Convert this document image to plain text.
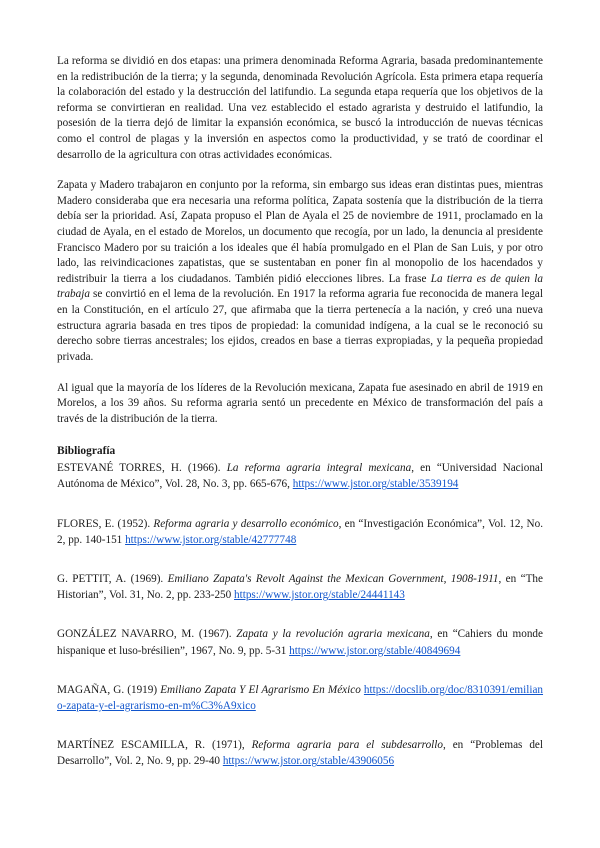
La reforma se dividió en dos etapas: una primera denominada Reforma Agraria, basada predominantemente en la redistribución de la tierra; y la segunda, denominada Revolución Agrícola. Esta primera etapa requería la colaboración del estado y la destrucción del latifundio. La segunda etapa requería que los objetivos de la reforma se convirtieran en realidad. Una vez establecido el estado agrarista y destruido el latifundio, la posesión de la tierra dejó de limitar la expansión económica, se buscó la introducción de nuevas técnicas como el control de plagas y la inversión en aspectos como la productividad, y se trató de coordinar el desarrollo de la agricultura con otras actividades económicas.

Zapata y Madero trabajaron en conjunto por la reforma, sin embargo sus ideas eran distintas pues, mientras Madero consideraba que era necesaria una reforma política, Zapata sostenía que la distribución de la tierra debía ser la prioridad. Así, Zapata propuso el Plan de Ayala el 25 de noviembre de 1911, proclamado en la ciudad de Ayala, en el estado de Morelos, un documento que recogía, por un lado, la denuncia al presidente Francisco Madero por su traición a los ideales que él había promulgado en el Plan de San Luis, y por otro lado, las reivindicaciones zapatistas, que se sustentaban en poner fin al monopolio de los hacendados y redistribuir la tierra a los ciudadanos. También pidió elecciones libres. La frase La tierra es de quien la trabaja se convirtió en el lema de la revolución. En 1917 la reforma agraria fue reconocida de manera legal en la Constitución, en el artículo 27, que afirmaba que la tierra pertenecía a la nación, y creó una nueva estructura agraria basada en tres tipos de propiedad: la comunidad indígena, a la cual se le reconoció su derecho sobre tierras ancestrales; los ejidos, creados en base a tierras expropiadas, y la pequeña propiedad privada.

Al igual que la mayoría de los líderes de la Revolución mexicana, Zapata fue asesinado en abril de 1919 en Morelos, a los 39 años. Su reforma agraria sentó un precedente en México de transformación del país a través de la distribución de la tierra.

Bibliografía
ESTEVANÉ TORRES, H. (1966). La reforma agraria integral mexicana, en “Universidad Nacional Autónoma de México”, Vol. 28, No. 3, pp. 665-676, https://www.jstor.org/stable/3539194
FLORES, E. (1952). Reforma agraria y desarrollo económico, en “Investigación Económica”, Vol. 12, No. 2, pp. 140-151 https://www.jstor.org/stable/42777748
G. PETTIT, A. (1969). Emiliano Zapata's Revolt Against the Mexican Government, 1908-1911, en “The Historian”, Vol. 31, No. 2, pp. 233-250 https://www.jstor.org/stable/24441143
GONZÁLEZ NAVARRO, M. (1967). Zapata y la revolución agraria mexicana, en “Cahiers du monde hispanique et luso-brésilien”, 1967, No. 9, pp. 5-31 https://www.jstor.org/stable/40849694
MAGAÑA, G. (1919) Emiliano Zapata Y El Agrarismo En México https://docslib.org/doc/8310391/emiliano-zapata-y-el-agrarismo-en-m%C3%A9xico
MARTÍNEZ ESCAMILLA, R. (1971), Reforma agraria para el subdesarrollo, en “Problemas del Desarrollo”, Vol. 2, No. 9, pp. 29-40 https://www.jstor.org/stable/43906056
